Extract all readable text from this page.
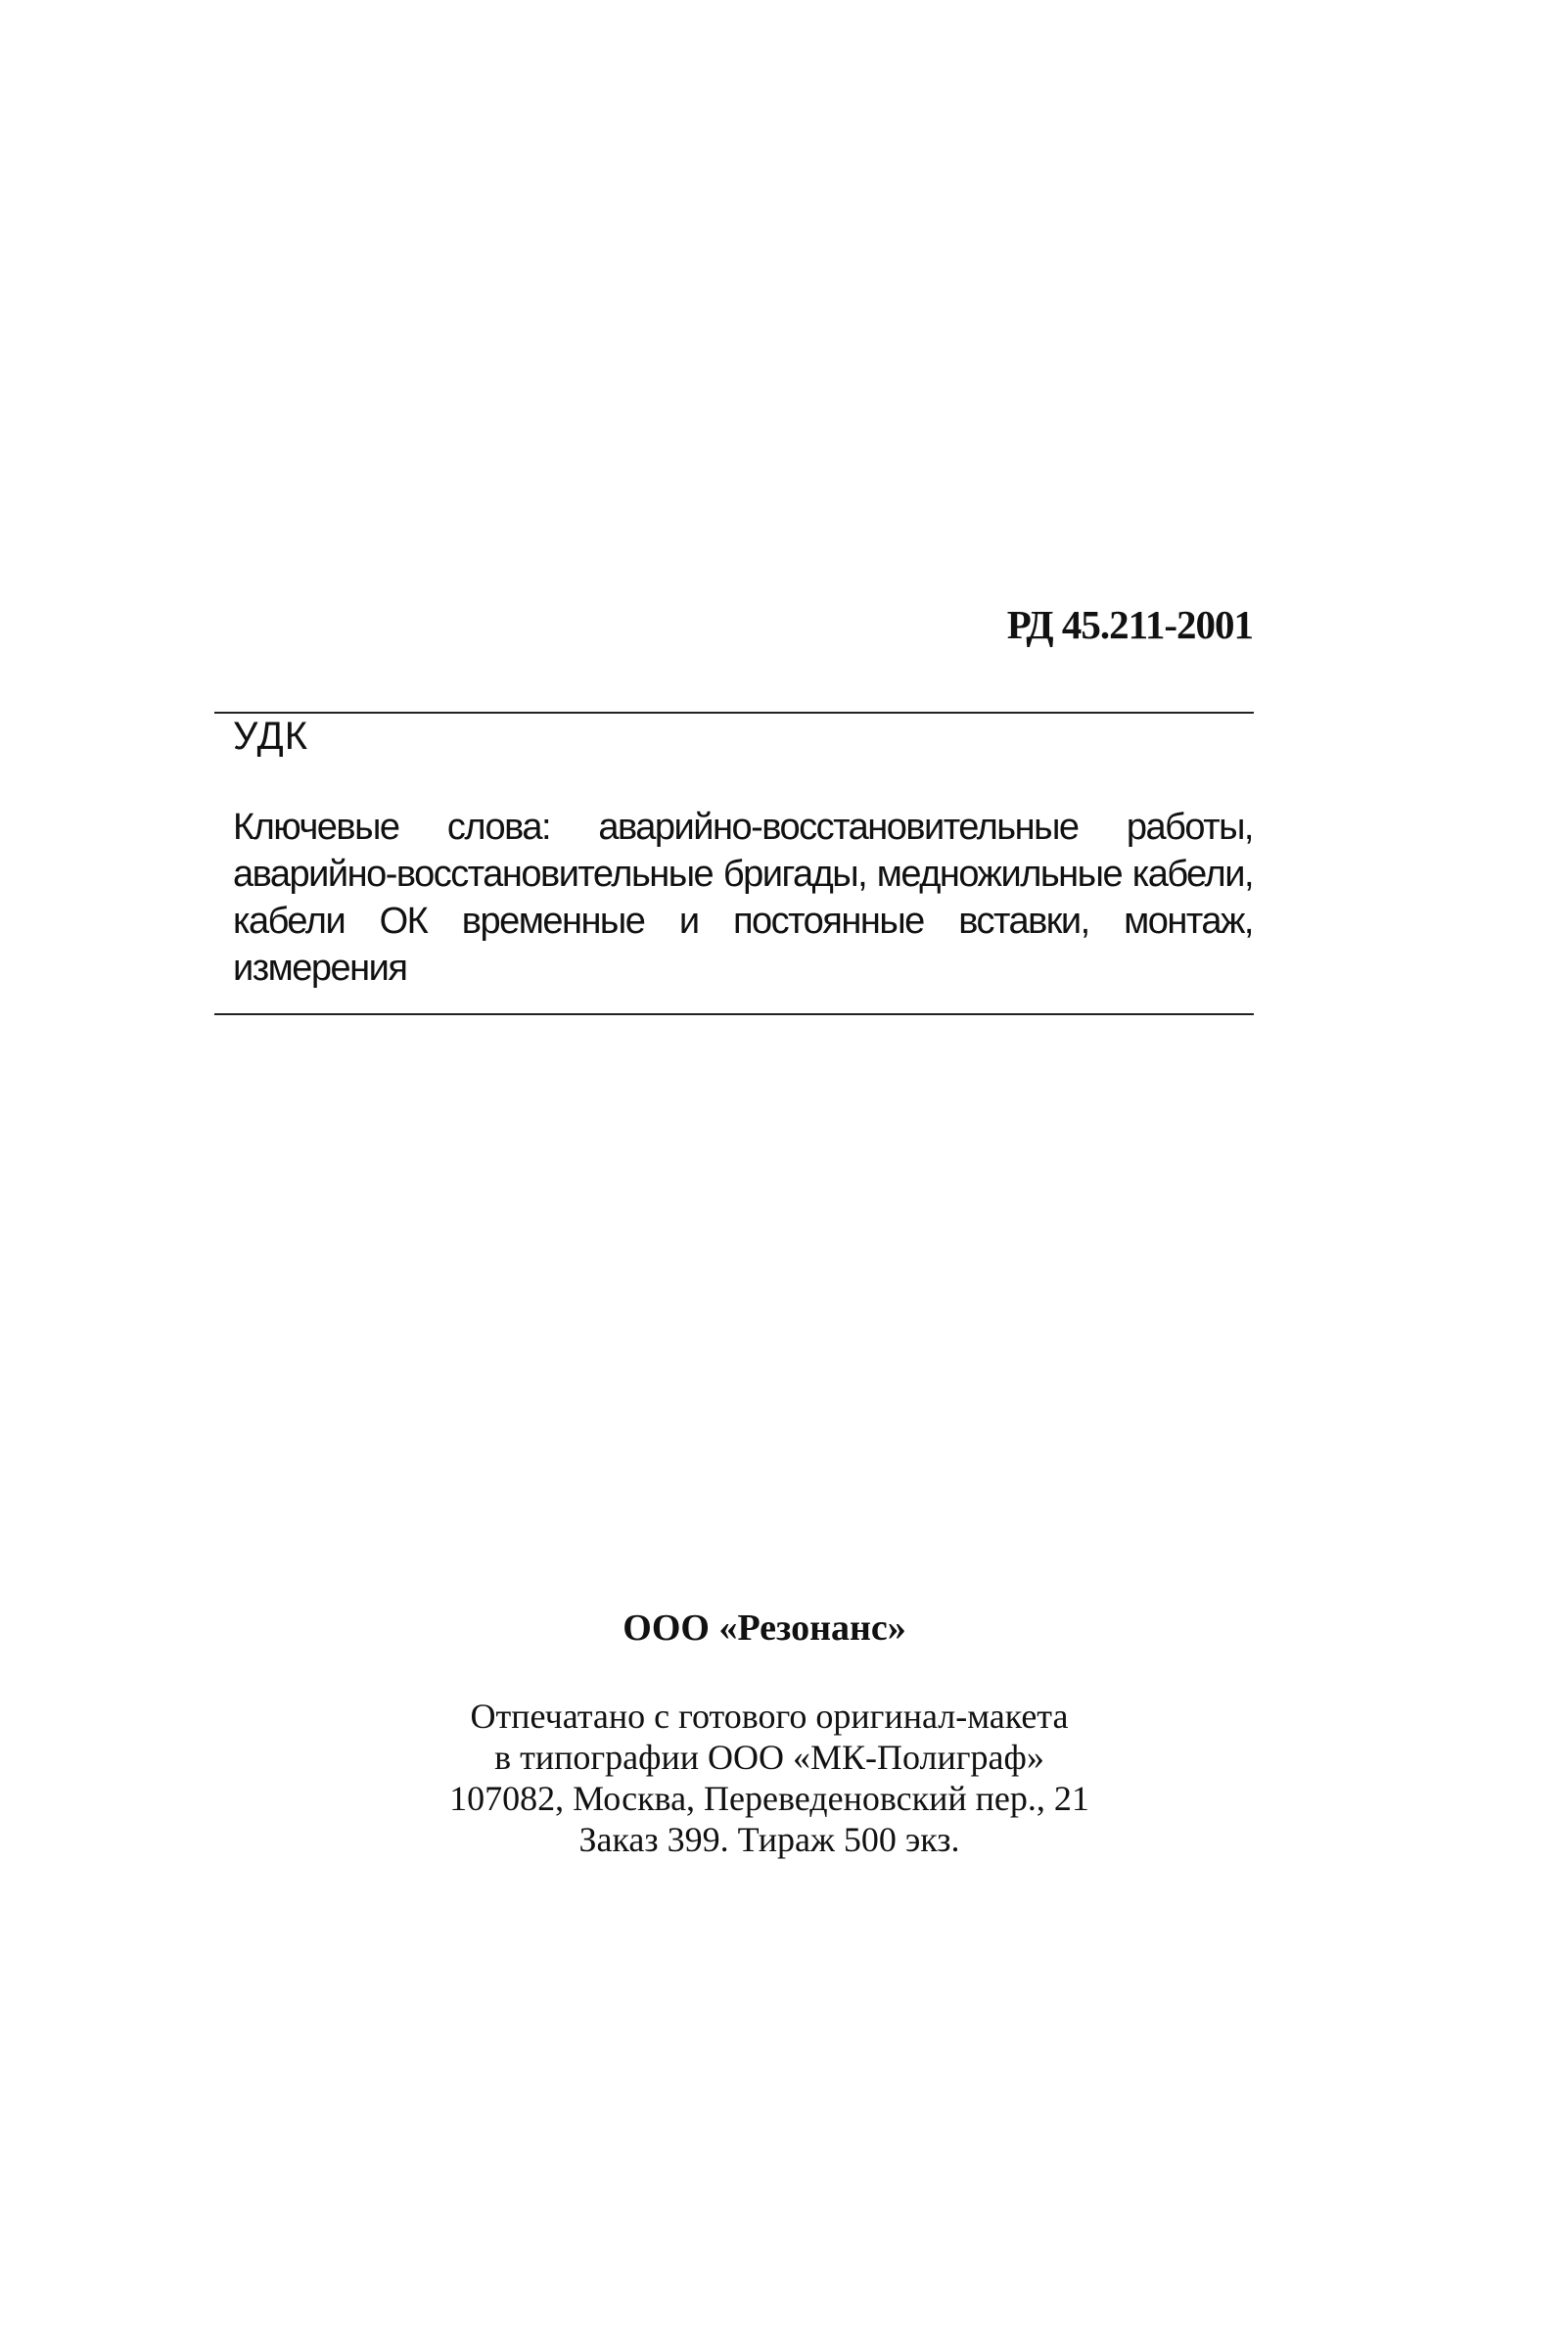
РД 45.211-2001
УДК
Ключевые слова: аварийно-восстановительные работы,
аварийно-восстановительные бригады, медножильные кабели,
кабели ОК временные и постоянные вставки, монтаж,
измерения
ООО «Резонанс»
Отпечатано с готового оригинал-макета
в типографии ООО «МК-Полиграф»
107082, Москва, Переведеновский пер., 21
Заказ 399. Тираж 500 экз.
